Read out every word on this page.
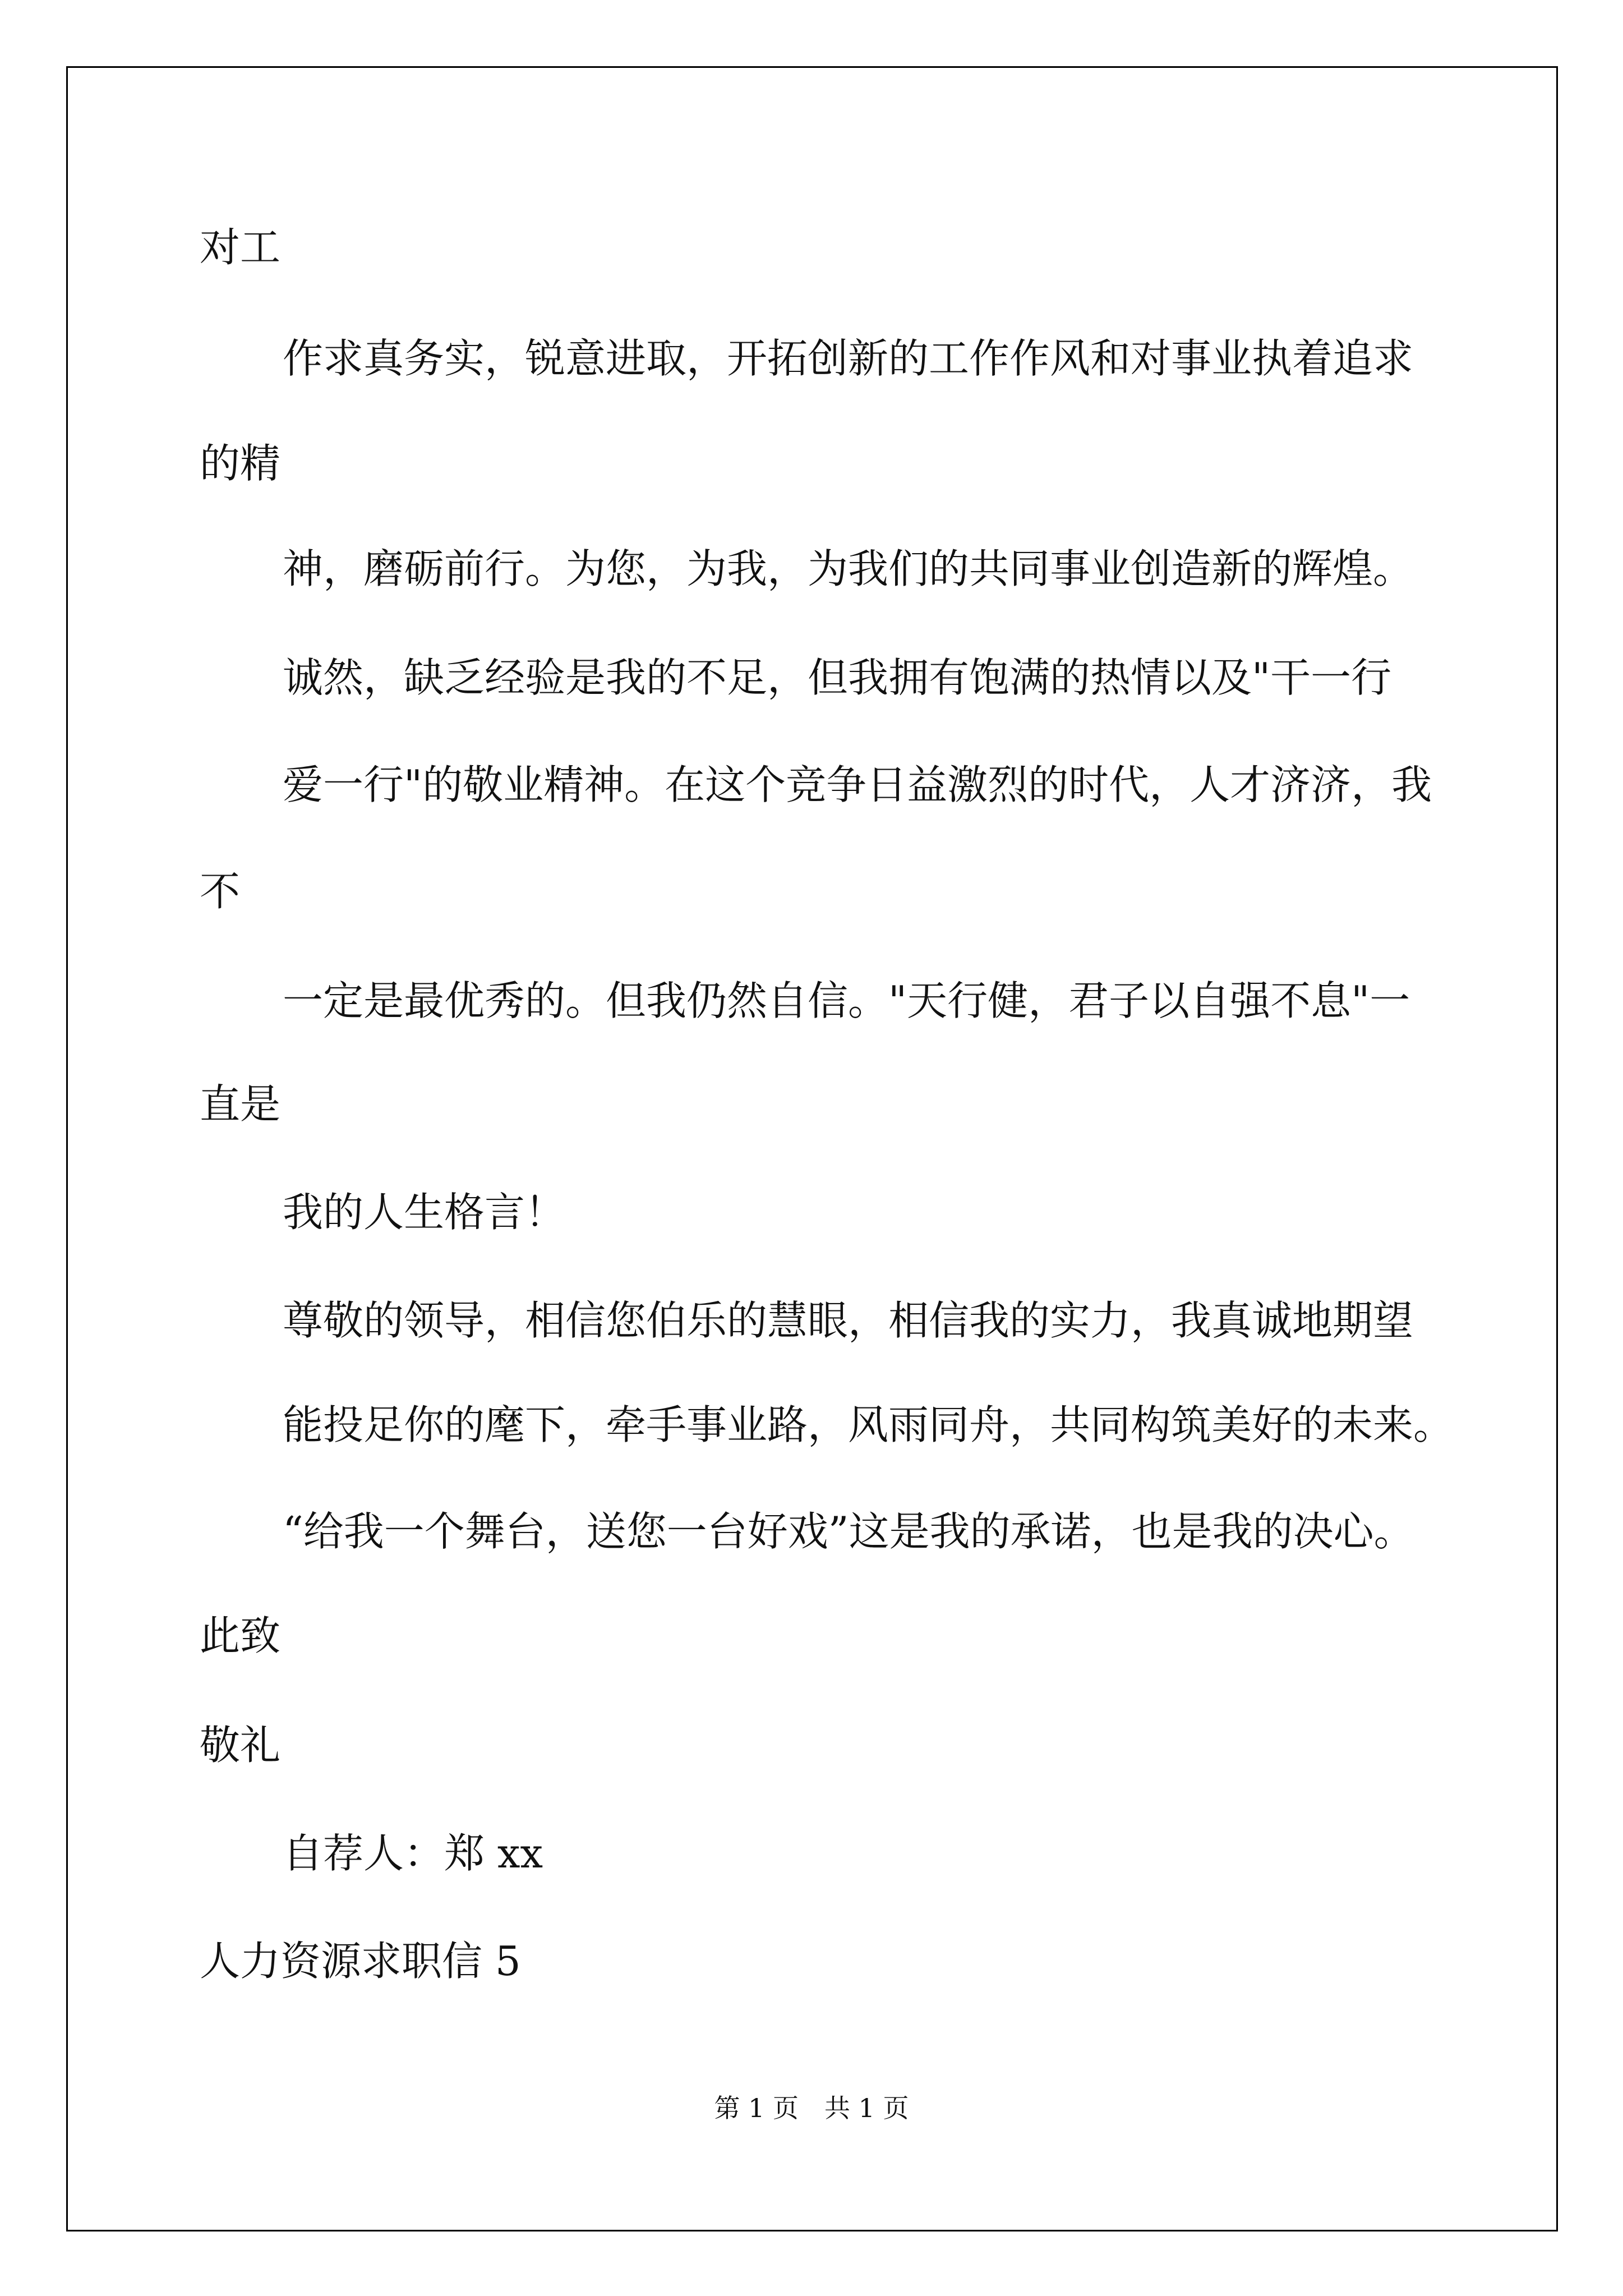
对工

作求真务实，锐意进取，开拓创新的工作作风和对事业执着追求

的精

神，磨砺前行。为您，为我，为我们的共同事业创造新的辉煌。

诚然，缺乏经验是我的不足，但我拥有饱满的热情以及"干一行

爱一行"的敬业精神。在这个竞争日益激烈的时代，人才济济，我

不

一定是最优秀的。但我仍然自信。"天行健，君子以自强不息"一

直是

我的人生格言！

尊敬的领导，相信您伯乐的慧眼，相信我的实力，我真诚地期望

能投足你的麾下，牵手事业路，风雨同舟，共同构筑美好的未来。

“给我一个舞台，送您一台好戏”这是我的承诺，也是我的决心。

此致

敬礼

自荐人：郑 xx

人力资源求职信 5

第 1 页　共 1 页
